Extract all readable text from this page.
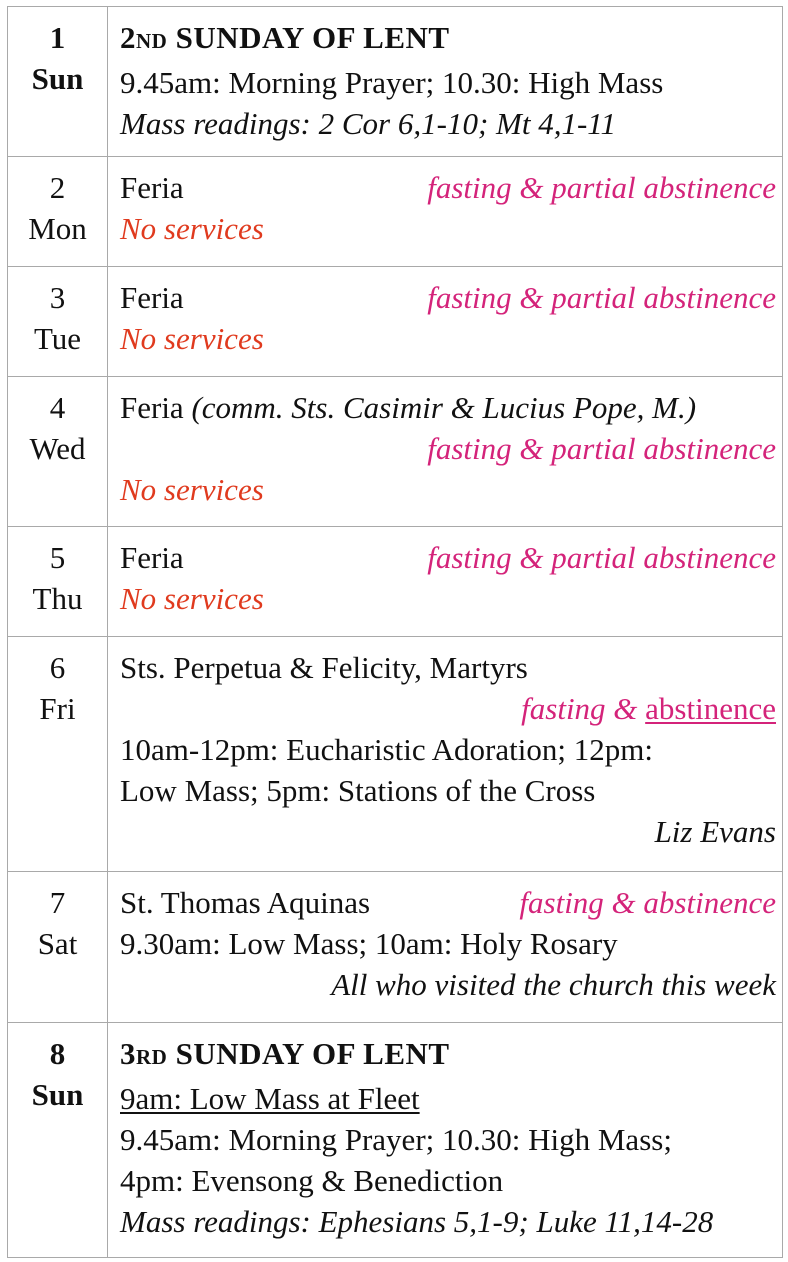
1
Sun	2ND SUNDAY OF LENT
9.45am: Morning Prayer; 10.30: High Mass
Mass readings: 2 Cor 6,1-10; Mt 4,1-11

2
Mon	Feria fasting & partial abstinence
No services

3
Tue	Feria fasting & partial abstinence
No services

4
Wed	Feria (comm. Sts. Casimir & Lucius Pope, M.)
fasting & partial abstinence
No services

5
Thu	Feria fasting & partial abstinence
No services

6
Fri	Sts. Perpetua & Felicity, Martyrs
fasting & abstinence
10am-12pm: Eucharistic Adoration; 12pm:
Low Mass; 5pm: Stations of the Cross
Liz Evans

7
Sat	St. Thomas Aquinas fasting & abstinence
9.30am: Low Mass; 10am: Holy Rosary
All who visited the church this week

8
Sun	3RD SUNDAY OF LENT
9am: Low Mass at Fleet
9.45am: Morning Prayer; 10.30: High Mass;
4pm: Evensong & Benediction
Mass readings: Ephesians 5,1-9; Luke 11,14-28
